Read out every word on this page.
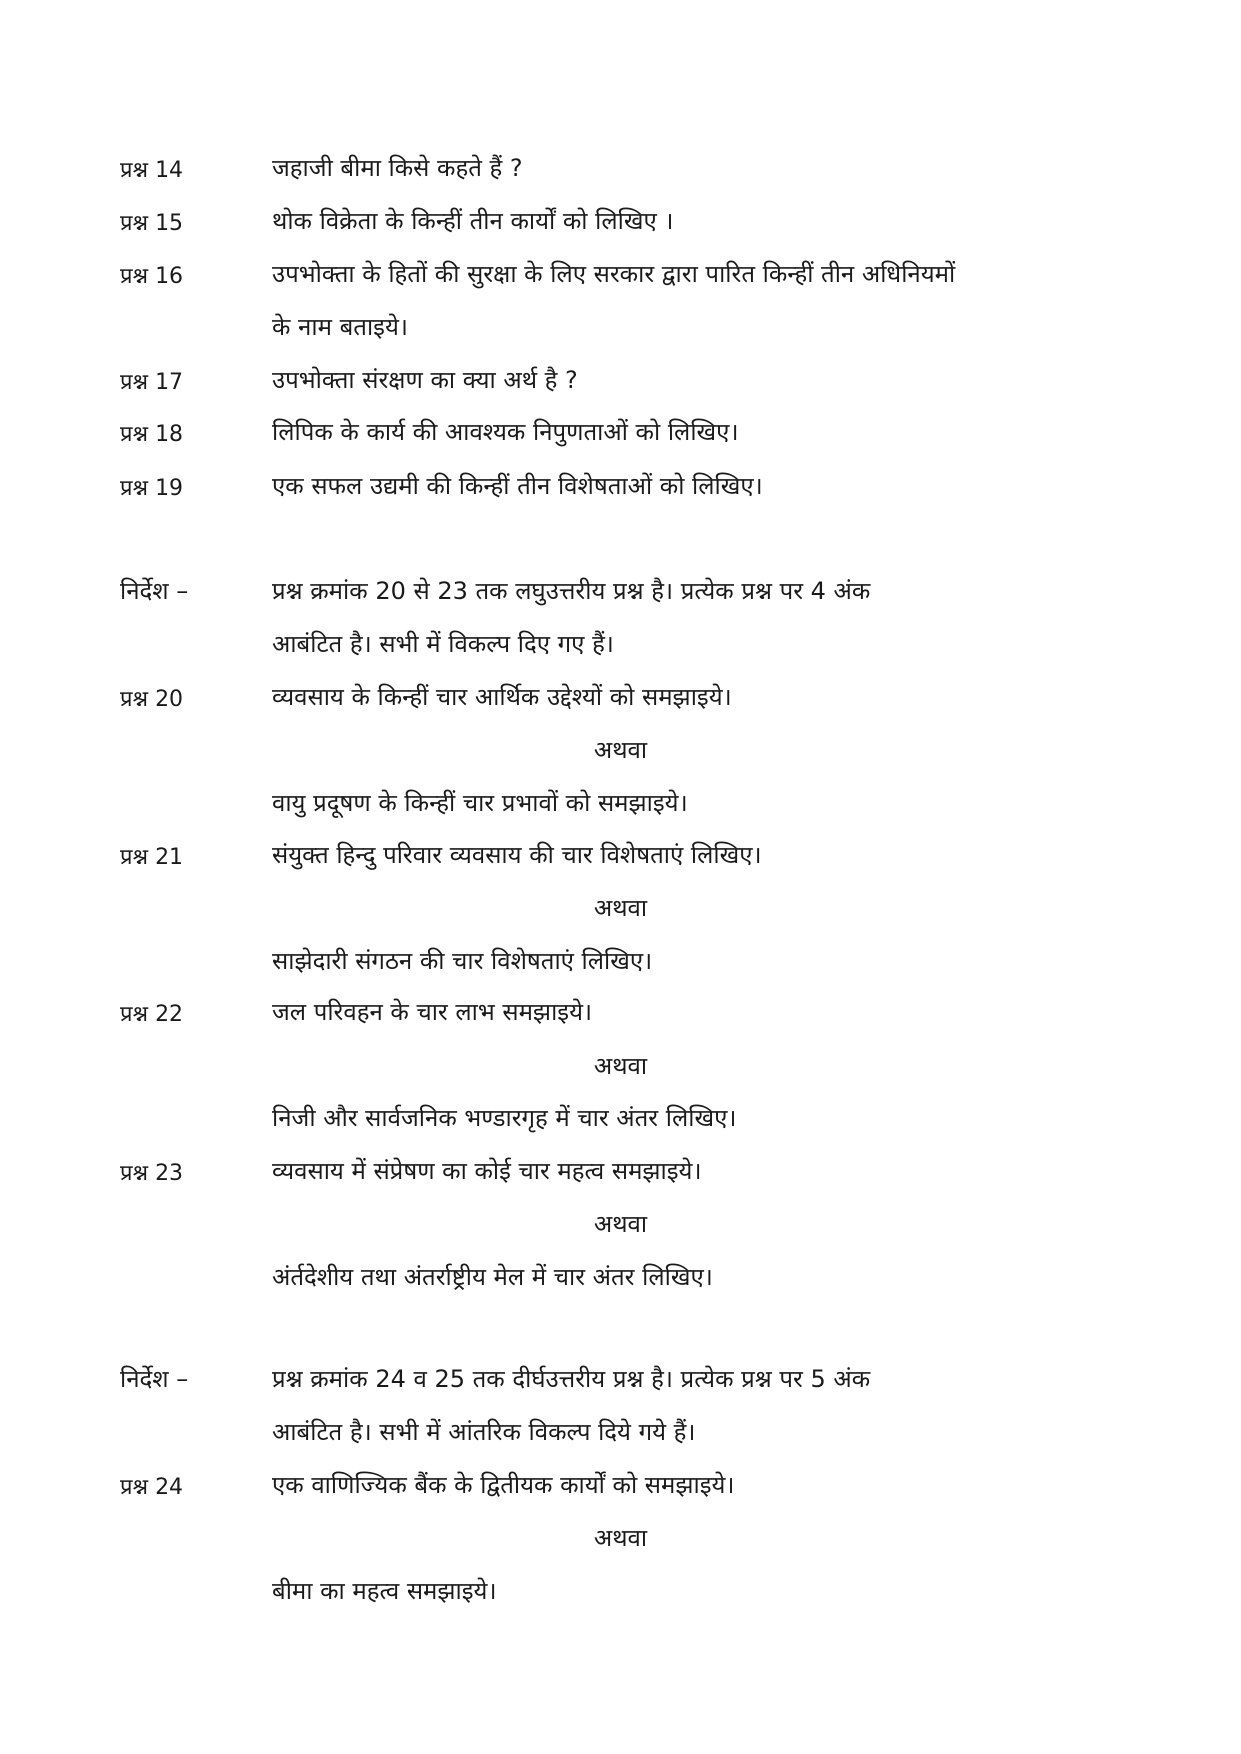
प्रश्न 14	जहाजी बीमा किसे कहते हैं ?
प्रश्न 15	थोक विक्रेता के किन्हीं तीन कार्यों को लिखिए ।
प्रश्न 16	उपभोक्ता के हितों की सुरक्षा के लिए सरकार द्वारा पारित किन्हीं तीन अधिनियमों
के नाम बताइये।
प्रश्न 17	उपभोक्ता संरक्षण का क्या अर्थ है ?
प्रश्न 18	लिपिक के कार्य की आवश्यक निपुणताओं को लिखिए।
प्रश्न 19	एक सफल उद्यमी की किन्हीं तीन विशेषताओं को लिखिए।
निर्देश –	प्रश्न क्रमांक 20 से 23 तक लघुउत्तरीय प्रश्न है। प्रत्येक प्रश्न पर 4 अंक
आबंटित है। सभी में विकल्प दिए गए हैं।
प्रश्न 20	व्यवसाय के किन्हीं चार आर्थिक उद्देश्यों को समझाइये।
अथवा
वायु प्रदूषण के किन्हीं चार प्रभावों को समझाइये।
प्रश्न 21	संयुक्त हिन्दु परिवार व्यवसाय की चार विशेषताएं लिखिए।
अथवा
साझेदारी संगठन की चार विशेषताएं लिखिए।
प्रश्न 22	जल परिवहन के चार लाभ समझाइये।
अथवा
निजी और सार्वजनिक भण्डारगृह में चार अंतर लिखिए।
प्रश्न 23	व्यवसाय में संप्रेषण का कोई चार महत्व समझाइये।
अथवा
अंर्तदेशीय तथा अंतर्राष्ट्रीय मेल में चार अंतर लिखिए।
निर्देश –	प्रश्न क्रमांक 24 व 25 तक दीर्घउत्तरीय प्रश्न है। प्रत्येक प्रश्न पर 5 अंक
आबंटित है। सभी में आंतरिक विकल्प दिये गये हैं।
प्रश्न 24	एक वाणिज्यिक बैंक के द्वितीयक कार्यों को समझाइये।
अथवा
बीमा का महत्व समझाइये।
